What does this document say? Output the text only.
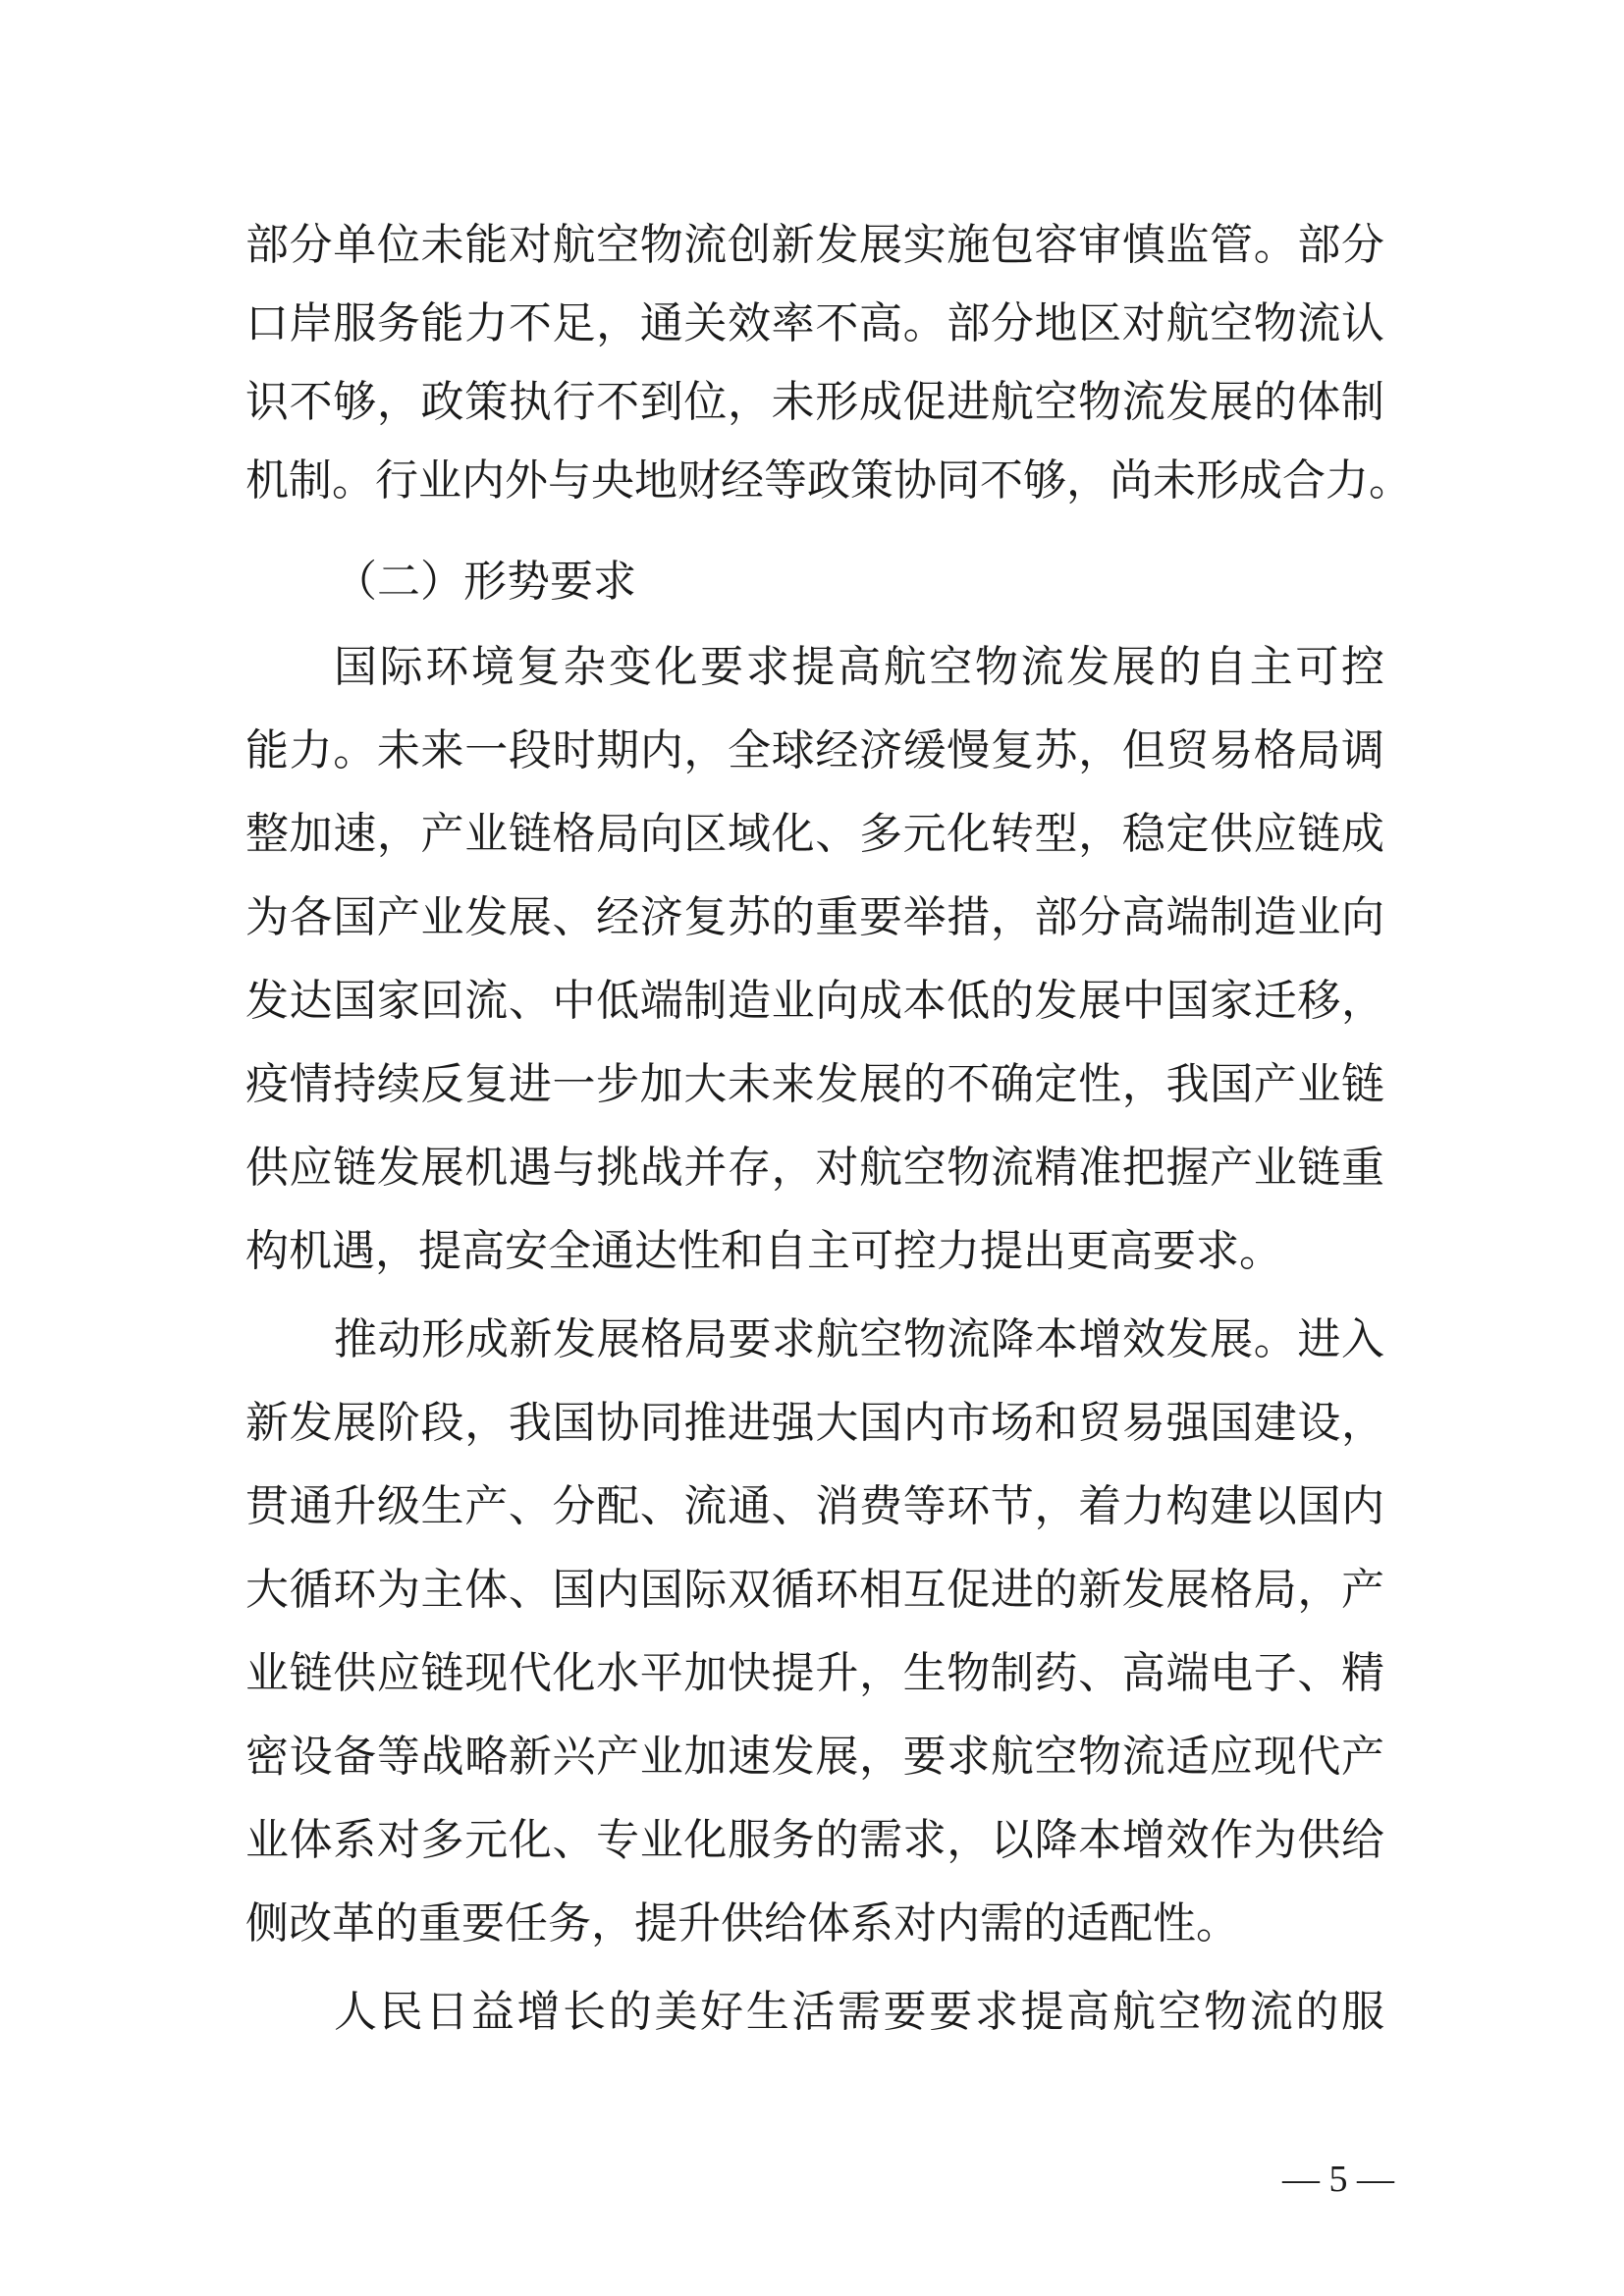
部分单位未能对航空物流创新发展实施包容审慎监管。部分
口岸服务能力不足，通关效率不高。部分地区对航空物流认
识不够，政策执行不到位，未形成促进航空物流发展的体制
机制。行业内外与央地财经等政策协同不够，尚未形成合力。
（二）形势要求
国际环境复杂变化要求提高航空物流发展的自主可控
能力。未来一段时期内，全球经济缓慢复苏，但贸易格局调
整加速，产业链格局向区域化、多元化转型，稳定供应链成
为各国产业发展、经济复苏的重要举措，部分高端制造业向
发达国家回流、中低端制造业向成本低的发展中国家迁移，
疫情持续反复进一步加大未来发展的不确定性，我国产业链
供应链发展机遇与挑战并存，对航空物流精准把握产业链重
构机遇，提高安全通达性和自主可控力提出更高要求。
推动形成新发展格局要求航空物流降本增效发展。进入
新发展阶段，我国协同推进强大国内市场和贸易强国建设，
贯通升级生产、分配、流通、消费等环节，着力构建以国内
大循环为主体、国内国际双循环相互促进的新发展格局，产
业链供应链现代化水平加快提升，生物制药、高端电子、精
密设备等战略新兴产业加速发展，要求航空物流适应现代产
业体系对多元化、专业化服务的需求，以降本增效作为供给
侧改革的重要任务，提升供给体系对内需的适配性。
人民日益增长的美好生活需要要求提高航空物流的服
— 5 —
